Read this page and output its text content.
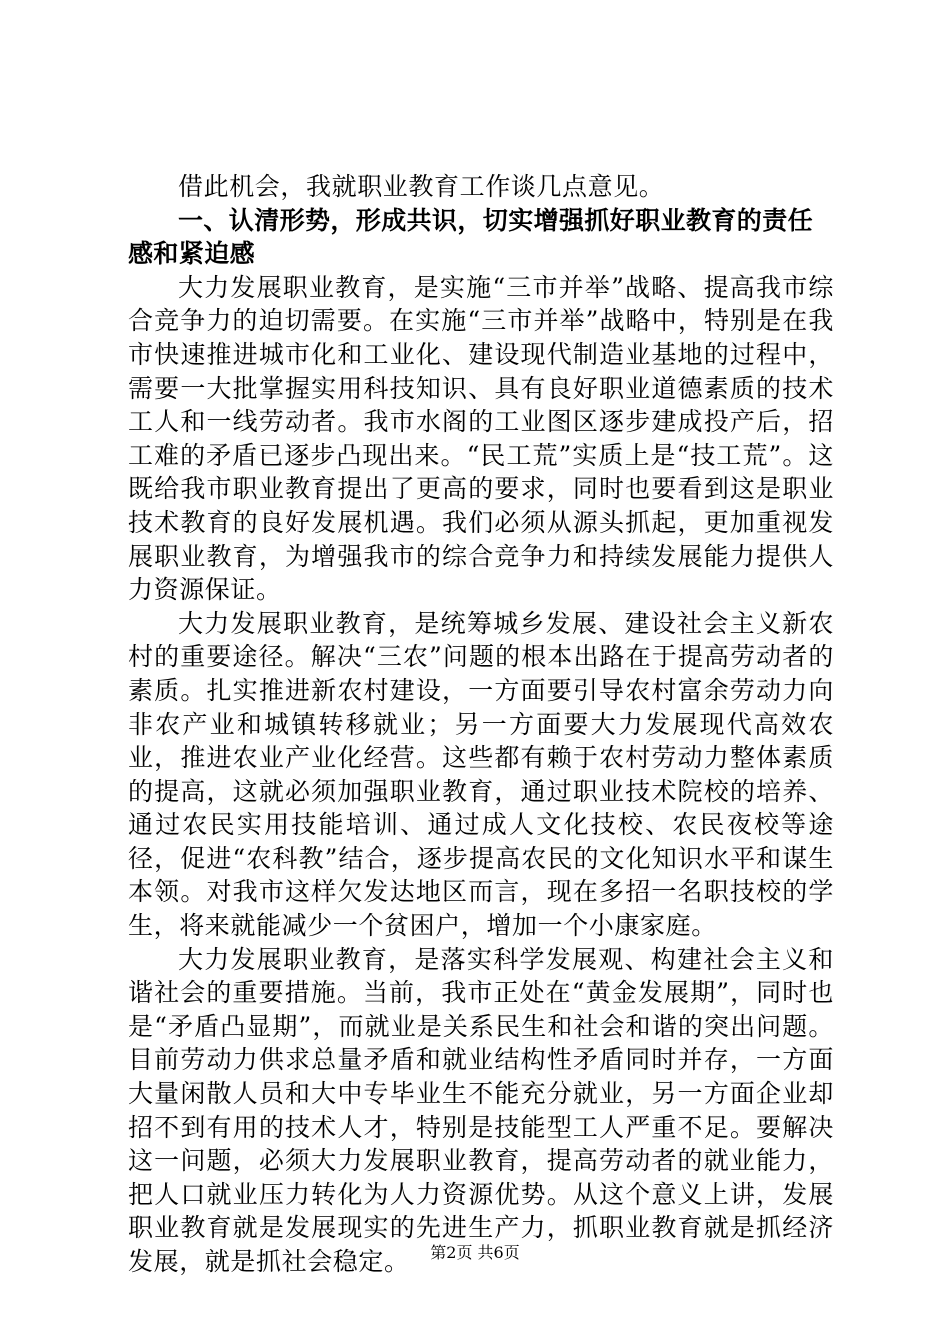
借此机会，我就职业教育工作谈几点意见。

一、认清形势，形成共识，切实增强抓好职业教育的责任感和紧迫感

大力发展职业教育，是实施“三市并举”战略、提高我市综合竞争力的迫切需要。在实施“三市并举”战略中，特别是在我市快速推进城市化和工业化、建设现代制造业基地的过程中，需要一大批掌握实用科技知识、具有良好职业道德素质的技术工人和一线劳动者。我市水阁的工业图区逐步建成投产后，招工难的矛盾已逐步凸现出来。“民工荒”实质上是“技工荒”。这既给我市职业教育提出了更高的要求，同时也要看到这是职业技术教育的良好发展机遇。我们必须从源头抓起，更加重视发展职业教育，为增强我市的综合竞争力和持续发展能力提供人力资源保证。

大力发展职业教育，是统筹城乡发展、建设社会主义新农村的重要途径。解决“三农”问题的根本出路在于提高劳动者的素质。扎实推进新农村建设，一方面要引导农村富余劳动力向非农产业和城镇转移就业；另一方面要大力发展现代高效农业，推进农业产业化经营。这些都有赖于农村劳动力整体素质的提高，这就必须加强职业教育，通过职业技术院校的培养、通过农民实用技能培训、通过成人文化技校、农民夜校等途径，促进“农科教”结合，逐步提高农民的文化知识水平和谋生本领。对我市这样欠发达地区而言，现在多招一名职技校的学生，将来就能减少一个贫困户，增加一个小康家庭。

大力发展职业教育，是落实科学发展观、构建社会主义和谐社会的重要措施。当前，我市正处在“黄金发展期”，同时也是“矛盾凸显期”，而就业是关系民生和社会和谐的突出问题。目前劳动力供求总量矛盾和就业结构性矛盾同时并存，一方面大量闲散人员和大中专毕业生不能充分就业，另一方面企业却招不到有用的技术人才，特别是技能型工人严重不足。要解决这一问题，必须大力发展职业教育，提高劳动者的就业能力，把人口就业压力转化为人力资源优势。从这个意义上讲，发展职业教育就是发展现实的先进生产力，抓职业教育就是抓经济发展，就是抓社会稳定。	第2页 共6页
